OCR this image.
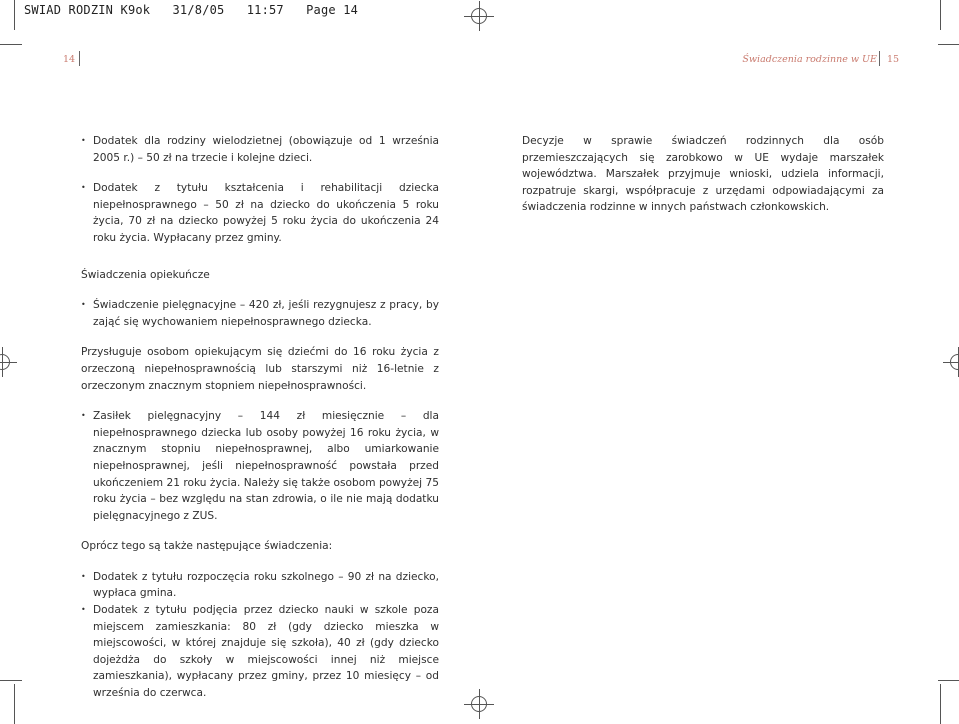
SWIAD RODZIN K9ok   31/8/05   11:57   Page 14
14	Świadczenia rodzinne w UE 15
• Dodatek dla rodziny wielodzietnej (obowiązuje od 1 września 2005 r.) – 50 zł na trzecie i kolejne dzieci.
• Dodatek z tytułu kształcenia i rehabilitacji dziecka niepełnosprawnego – 50 zł na dziecko do ukończenia 5 roku życia, 70 zł na dziecko powyżej 5 roku życia do ukończenia 24 roku życia. Wypłacany przez gminy.

Świadczenia opiekuńcze

• Świadczenie pielęgnacyjne – 420 zł, jeśli rezygnujesz z pracy, by zająć się wychowaniem niepełnosprawnego dziecka.

Przysługuje osobom opiekującym się dziećmi do 16 roku życia z orzeczoną niepełnosprawnością lub starszymi niż 16-letnie z orzeczonym znacznym stopniem niepełnosprawności.

• Zasiłek pielęgnacyjny – 144 zł miesięcznie – dla niepełnosprawnego dziecka lub osoby powyżej 16 roku życia, w znacznym stopniu niepełnosprawnej, albo umiarkowanie niepełnosprawnej, jeśli niepełnosprawność powstała przed ukończeniem 21 roku życia. Należy się także osobom powyżej 75 roku życia – bez względu na stan zdrowia, o ile nie mają dodatku pielęgnacyjnego z ZUS.

Oprócz tego są także następujące świadczenia:

• Dodatek z tytułu rozpoczęcia roku szkolnego – 90 zł na dziecko, wypłaca gmina.
• Dodatek z tytułu podjęcia przez dziecko nauki w szkole poza miejscem zamieszkania: 80 zł (gdy dziecko mieszka w miejscowości, w której znajduje się szkoła), 40 zł (gdy dziecko dojeżdża do szkoły w miejscowości innej niż miejsce zamieszkania), wypłacany przez gminy, przez 10 miesięcy – od września do czerwca.

Decyzje w sprawie świadczeń rodzinnych dla osób przemieszczających się zarobkowo w UE wydaje marszałek województwa. Marszałek przyjmuje wnioski, udziela informacji, rozpatruje skargi, współpracuje z urzędami odpowiadającymi za świadczenia rodzinne w innych państwach członkowskich.
